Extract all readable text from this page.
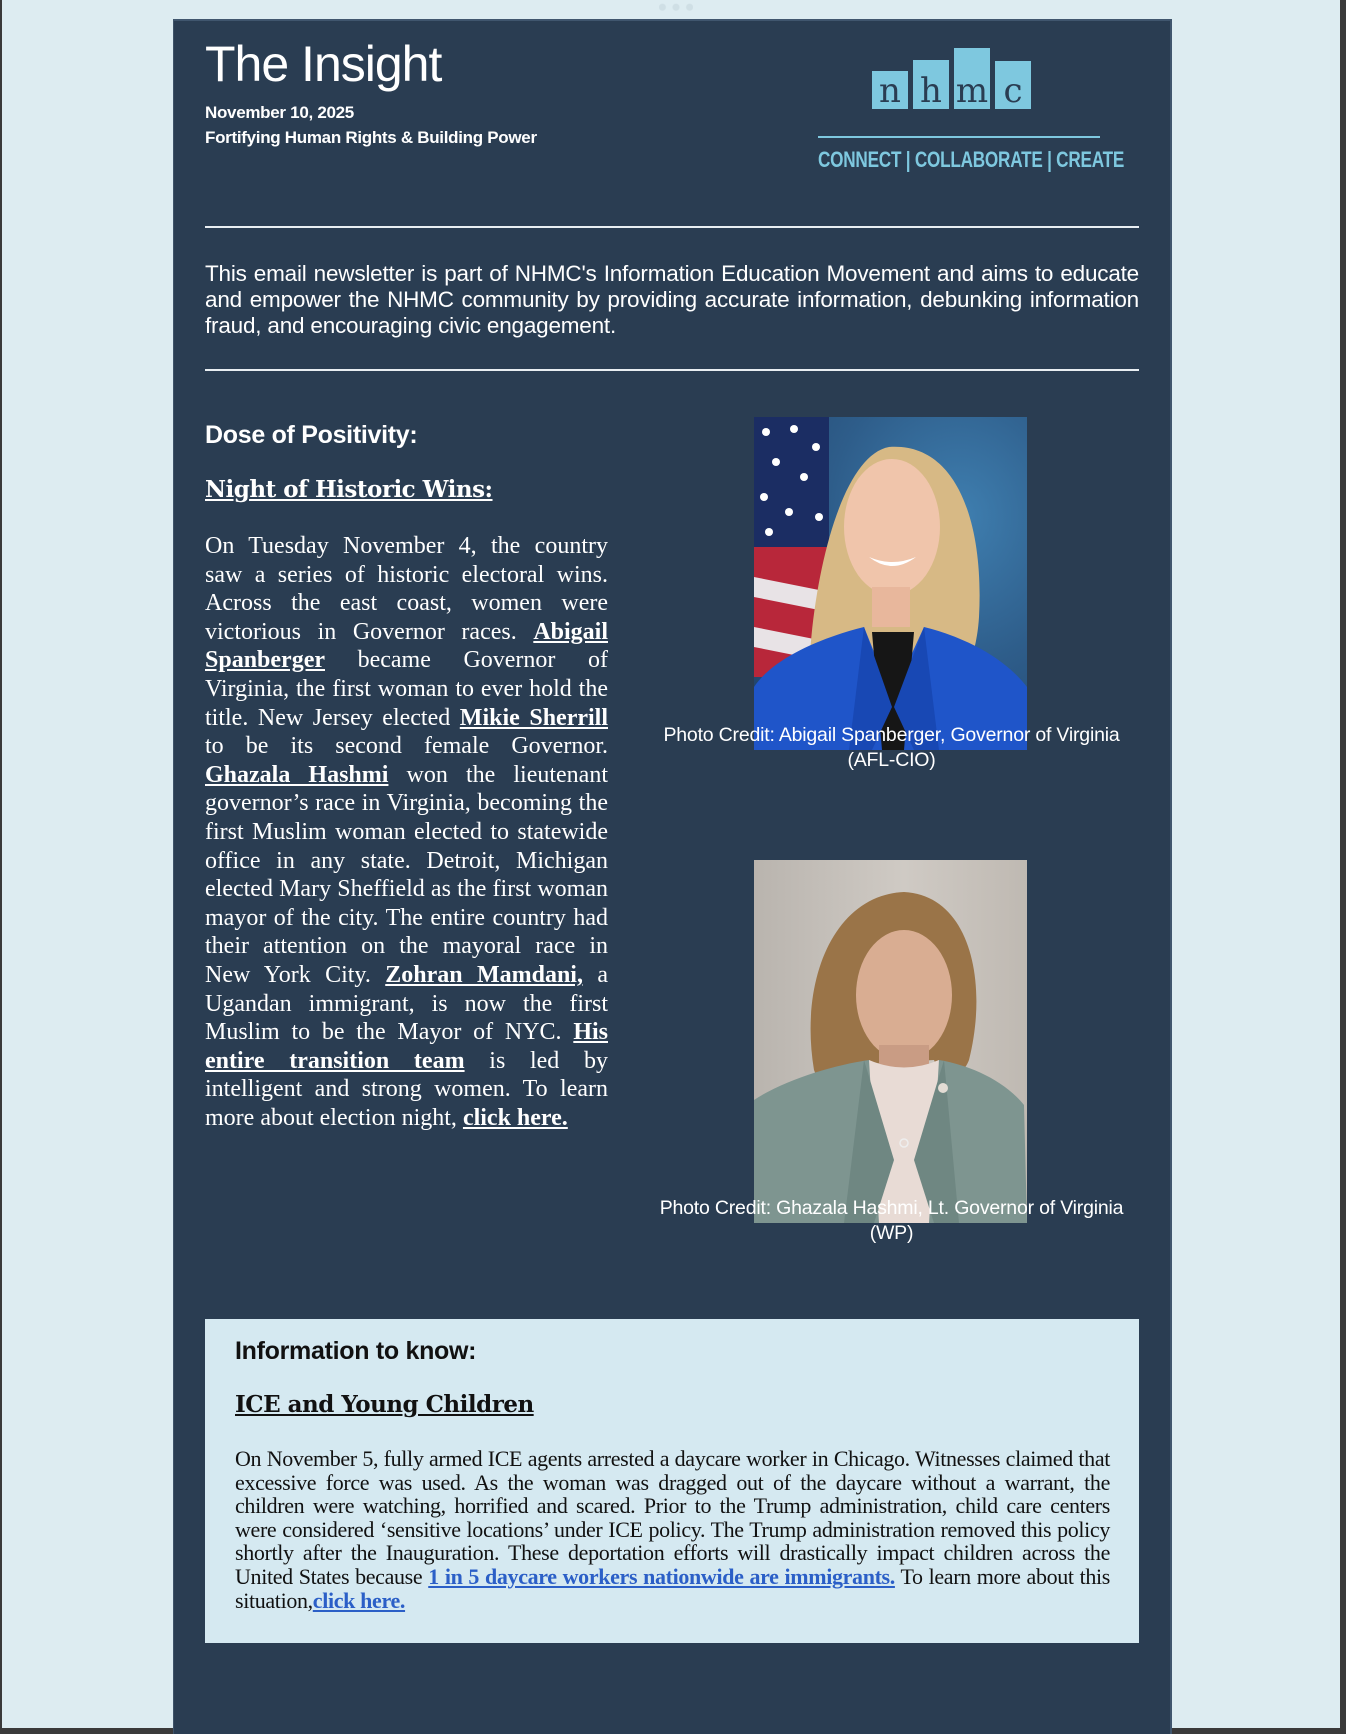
The Insight
November 10, 2025
Fortifying Human Rights & Building Power
n h m c
CONNECT | COLLABORATE | CREATE
This email newsletter is part of NHMC's Information Education Movement and aims to educate and empower the NHMC community by providing accurate information, debunking information fraud, and encouraging civic engagement.
Dose of Positivity:
Night of Historic Wins:
On Tuesday November 4, the country saw a series of historic electoral wins. Across the east coast, women were victorious in Governor races. Abigail Spanberger became Governor of Virginia, the first woman to ever hold the title. New Jersey elected Mikie Sherrill to be its second female Governor. Ghazala Hashmi won the lieutenant governor’s race in Virginia, becoming the first Muslim woman elected to statewide office in any state. Detroit, Michigan elected Mary Sheffield as the first woman mayor of the city. The entire country had their attention on the mayoral race in New York City. Zohran Mamdani, a Ugandan immigrant, is now the first Muslim to be the Mayor of NYC. His entire transition team is led by intelligent and strong women. To learn more about election night, click here.
Photo Credit: Abigail Spanberger, Governor of Virginia
(AFL-CIO)
Photo Credit: Ghazala Hashmi, Lt. Governor of Virginia
(WP)
Information to know:
ICE and Young Children
On November 5, fully armed ICE agents arrested a daycare worker in Chicago. Witnesses claimed that excessive force was used. As the woman was dragged out of the daycare without a warrant, the children were watching, horrified and scared. Prior to the Trump administration, child care centers were considered ‘sensitive locations’ under ICE policy. The Trump administration removed this policy shortly after the Inauguration. These deportation efforts will drastically impact children across the United States because 1 in 5 daycare workers nationwide are immigrants. To learn more about this situation,click here.
